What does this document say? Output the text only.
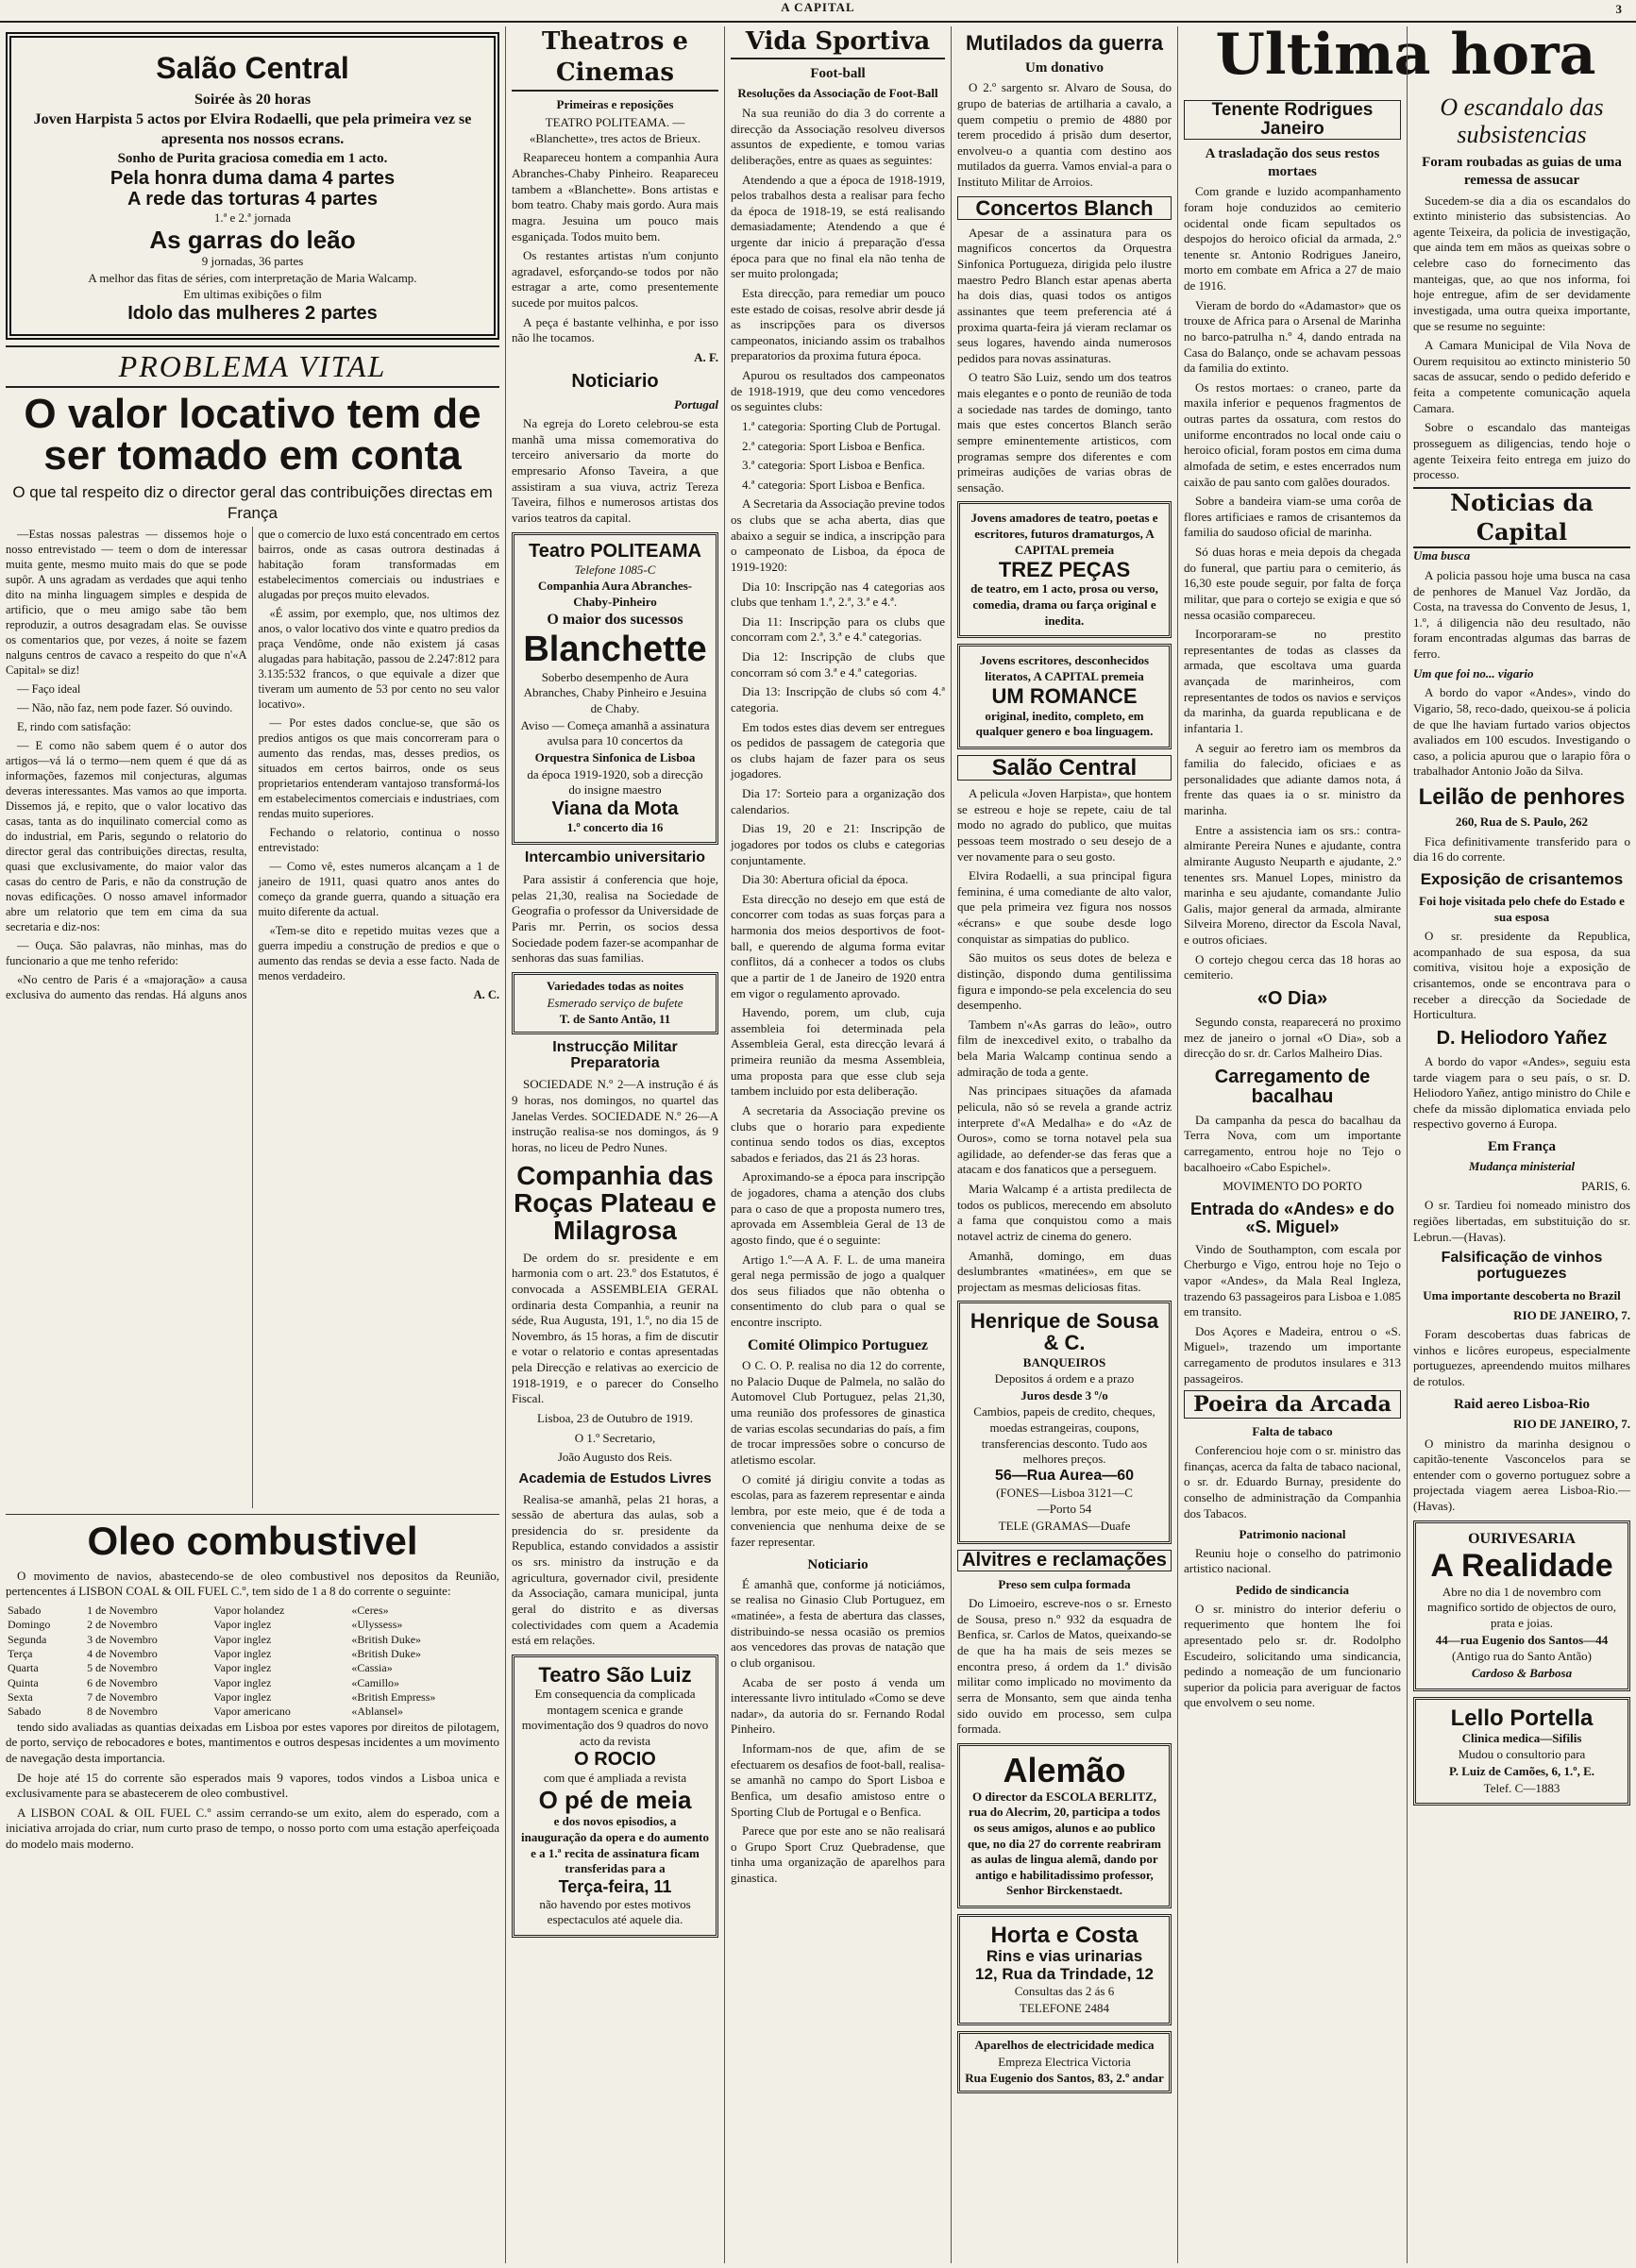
A CAPITAL	3
Salão Central

Soirée às 20 horas

Joven Harpista 5 actos por Elvira Rodaelli, que pela primeira vez se apresenta nos nossos ecrans.

Sonho de Purita graciosa comedia em 1 acto.

Pela honra duma dama 4 partes

A rede das torturas 4 partes

1.ª e 2.ª jornada

As garras do leão

9 jornadas, 36 partes

A melhor das fitas de séries, com interpretação de Maria Walcamp.

Em ultimas exibições o film

Idolo das mulheres 2 partes

PROBLEMA VITAL
O valor locativo tem de ser tomado em conta

O que tal respeito diz o director geral das contribuições directas em França

—Estas nossas palestras — dissemos hoje o nosso entrevistado — teem o dom de interessar muita gente, mesmo muito mais do que se pode supôr. A uns agradam as verdades que aqui tenho dito na minha linguagem simples e despida de artificio, que o meu amigo sabe tão bem reproduzir, a outros desagradam elas. Se ouvisse os comentarios que, por vezes, á noite se fazem nalguns centros de cavaco a respeito do que n'«A Capital» se diz!

— Faço ideal

— Não, não faz, nem pode fazer. Só ouvindo.

E, rindo com satisfação:

— E como não sabem quem é o autor dos artigos—vá lá o termo—nem quem é que dá as informações, fazemos mil conjecturas, algumas deveras interessantes. Mas vamos ao que importa. Dissemos já, e repito, que o valor locativo das casas, tanta as do inquilinato comercial como as do industrial, em Paris, segundo o relatorio do director geral das contribuições directas, resulta, quasi que exclusivamente, do maior valor das casas do centro de Paris, e não da construção de novas edificações. O nosso amavel informador abre um relatorio que tem em cima da sua secretaria e diz-nos:

— Ouça. São palavras, não minhas, mas do funcionario a que me tenho referido:

«No centro de Paris é a «majoração» a causa exclusiva do aumento das rendas. Há alguns anos que o comercio de luxo está concentrado em certos bairros, onde as casas outrora destinadas á habitação foram transformadas em estabelecimentos comerciais ou industriaes e alugadas por preços muito elevados.

«É assim, por exemplo, que, nos ultimos dez anos, o valor locativo dos vinte e quatro predios da praça Vendôme, onde não existem já casas alugadas para habitação, passou de 2.247:812 para 3.135:532 francos, o que equivale a dizer que tiveram um aumento de 53 por cento no seu valor locativo».

— Por estes dados conclue-se, que são os predios antigos os que mais concorreram para o aumento das rendas, mas, desses predios, os situados em certos bairros, onde os seus proprietarios entenderam vantajoso transformá-los em estabelecimentos comerciais e industriaes, com rendas muito superiores.

Fechando o relatorio, continua o nosso entrevistado:

— Como vê, estes numeros alcançam a 1 de janeiro de 1911, quasi quatro anos antes do começo da grande guerra, quando a situação era muito diferente da actual.

«Tem-se dito e repetido muitas vezes que a guerra impediu a construção de predios e que o aumento das rendas se devia a esse facto. Nada de menos verdadeiro.

A. C.

Oleo combustivel

O movimento de navios, abastecendo-se de oleo combustivel nos depositos da Reunião, pertencentes á LISBON COAL & OIL FUEL C.º, tem sido de 1 a 8 do corrente o seguinte:

Sabado	1 de Novembro	Vapor holandez	«Ceres»
Domingo	2 de Novembro	Vapor inglez	«Ulyssess»
Segunda	3 de Novembro	Vapor inglez	«British Duke»
Terça	4 de Novembro	Vapor inglez	«British Duke»
Quarta	5 de Novembro	Vapor inglez	«Cassia»
Quinta	6 de Novembro	Vapor inglez	«Camillo»
Sexta	7 de Novembro	Vapor inglez	«British Empress»
Sabado	8 de Novembro	Vapor americano	«Ablansel»

tendo sido avaliadas as quantias deixadas em Lisboa por estes vapores por direitos de pilotagem, de porto, serviço de rebocadores e botes, mantimentos e outros despesas incidentes a um movimento de navegação desta importancia.

De hoje até 15 do corrente são esperados mais 9 vapores, todos vindos a Lisboa unica e exclusivamente para se abastecerem de oleo combustivel.

A LISBON COAL & OIL FUEL C.º assim cerrando-se um exito, alem do esperado, com a iniciativa arrojada do criar, num curto praso de tempo, o nosso porto com uma estação aperfeiçoada do modelo mais moderno.

Theatros e Cinemas
Primeiras e reposições

TEATRO POLITEAMA. — «Blanchette», tres actos de Brieux.

Reapareceu hontem a companhia Aura Abranches-Chaby Pinheiro. Reapareceu tambem a «Blanchette». Bons artistas e bom teatro. Chaby mais gordo. Aura mais magra. Jesuina um pouco mais esganiçada. Todos muito bem.

Os restantes artistas n'um conjunto agradavel, esforçando-se todos por não estragar a arte, como presentemente sucede por muitos palcos.

A peça é bastante velhinha, e por isso não lhe tocamos.

A. F.

Noticiario

Portugal

Na egreja do Loreto celebrou-se esta manhã uma missa comemorativa do terceiro aniversario da morte do empresario Afonso Taveira, a que assistiram a sua viuva, actriz Tereza Taveira, filhos e numerosos artistas dos varios teatros da capital.

Teatro POLITEAMA

Telefone 1085-C

Companhia Aura Abranches-Chaby-Pinheiro

O maior dos sucessos

Blanchette

Soberbo desempenho de Aura Abranches, Chaby Pinheiro e Jesuina de Chaby.

Aviso — Começa amanhã a assinatura avulsa para 10 concertos da

Orquestra Sinfonica de Lisboa

da época 1919-1920, sob a direcção do insigne maestro

Viana da Mota

1.º concerto dia 16

Intercambio universitario

Para assistir á conferencia que hoje, pelas 21,30, realisa na Sociedade de Geografia o professor da Universidade de Paris mr. Perrin, os socios dessa Sociedade podem fazer-se acompanhar de senhoras das suas familias.

Variedades todas as noites

Esmerado serviço de bufete

T. de Santo Antão, 11

Instrucção Militar Preparatoria

SOCIEDADE N.º 2—A instrução é ás 9 horas, nos domingos, no quartel das Janelas Verdes. SOCIEDADE N.º 26—A instrução realisa-se nos domingos, ás 9 horas, no liceu de Pedro Nunes.

Companhia das Roças Plateau e Milagrosa

De ordem do sr. presidente e em harmonia com o art. 23.º dos Estatutos, é convocada a ASSEMBLEIA GERAL ordinaria desta Companhia, a reunir na séde, Rua Augusta, 191, 1.º, no dia 15 de Novembro, ás 15 horas, a fim de discutir e votar o relatorio e contas apresentadas pela Direcção e relativas ao exercicio de 1918-1919, e o parecer do Conselho Fiscal.

Lisboa, 23 de Outubro de 1919.

O 1.º Secretario,

João Augusto dos Reis.

Academia de Estudos Livres

Realisa-se amanhã, pelas 21 horas, a sessão de abertura das aulas, sob a presidencia do sr. presidente da Republica, estando convidados a assistir os srs. ministro da instrução e da agricultura, governador civil, presidente da Associação, camara municipal, junta geral do distrito e as diversas colectividades com quem a Academia está em relações.

Teatro São Luiz

Em consequencia da complicada montagem scenica e grande movimentação dos 9 quadros do novo acto da revista

O ROCIO

com que é ampliada a revista

O pé de meia

e dos novos episodios, a inauguração da opera e do aumento e a 1.ª recita de assinatura ficam transferidas para a

Terça-feira, 11

não havendo por estes motivos espectaculos até aquele dia.

Vida Sportiva
Foot-ball

Resoluções da Associação de Foot-Ball

Na sua reunião do dia 3 do corrente a direcção da Associação resolveu diversos assuntos de expediente, e tomou varias deliberações, entre as quaes as seguintes:

Atendendo a que a época de 1918-1919, pelos trabalhos desta a realisar para fecho da época de 1918-19, se está realisando demasiadamente; Atendendo a que é urgente dar inicio á preparação d'essa época para que no final ela não tenha de ser muito prolongada;

Esta direcção, para remediar um pouco este estado de coisas, resolve abrir desde já as inscripções para os diversos campeonatos, iniciando assim os trabalhos preparatorios da proxima futura época.

Apurou os resultados dos campeonatos de 1918-1919, que deu como vencedores os seguintes clubs:

1.ª categoria: Sporting Club de Portugal.

2.ª categoria: Sport Lisboa e Benfica.

3.ª categoria: Sport Lisboa e Benfica.

4.ª categoria: Sport Lisboa e Benfica.

A Secretaria da Associação previne todos os clubs que se acha aberta, dias que abaixo a seguir se indica, a inscripção para o campeonato de Lisboa, da época de 1919-1920:

Dia 10: Inscripção nas 4 categorias aos clubs que tenham 1.ª, 2.ª, 3.ª e 4.ª.

Dia 11: Inscripção para os clubs que concorram com 2.ª, 3.ª e 4.ª categorias.

Dia 12: Inscripção de clubs que concorram só com 3.ª e 4.ª categorias.

Dia 13: Inscripção de clubs só com 4.ª categoria.

Em todos estes dias devem ser entregues os pedidos de passagem de categoria que os clubs hajam de fazer para os seus jogadores.

Dia 17: Sorteio para a organização dos calendarios.

Dias 19, 20 e 21: Inscripção de jogadores por todos os clubs e categorias conjuntamente.

Dia 30: Abertura oficial da época.

Esta direcção no desejo em que está de concorrer com todas as suas forças para a harmonia dos meios desportivos de foot-ball, e querendo de alguma forma evitar conflitos, dá a conhecer a todos os clubs que a partir de 1 de Janeiro de 1920 entra em vigor o regulamento aprovado.

Havendo, porem, um club, cuja assembleia foi determinada pela Assembleia Geral, esta direcção levará á primeira reunião da mesma Assembleia, uma proposta para que esse club seja tambem incluido por esta deliberação.

A secretaria da Associação previne os clubs que o horario para expediente continua sendo todos os dias, exceptos sabados e feriados, das 21 ás 23 horas.

Aproximando-se a época para inscripção de jogadores, chama a atenção dos clubs para o caso de que a proposta numero tres, aprovada em Assembleia Geral de 13 de agosto findo, que é o seguinte:

Artigo 1.º—A A. F. L. de uma maneira geral nega permissão de jogo a qualquer dos seus filiados que não obtenha o consentimento do club para o qual se encontre inscripto.

Comité Olimpico Portuguez

O C. O. P. realisa no dia 12 do corrente, no Palacio Duque de Palmela, no salão do Automovel Club Portuguez, pelas 21,30, uma reunião dos professores de ginastica de varias escolas secundarias do país, a fim de trocar impressões sobre o concurso de atletismo escolar.

O comité já dirigiu convite a todas as escolas, para as fazerem representar e ainda lembra, por este meio, que é de toda a conveniencia que nenhuma deixe de se fazer representar.

Noticiario

É amanhã que, conforme já noticiámos, se realisa no Ginasio Club Portuguez, em «matinée», a festa de abertura das classes, distribuindo-se nessa ocasião os premios aos vencedores das provas de natação que o club organisou.

Acaba de ser posto á venda um interessante livro intitulado «Como se deve nadar», da autoria do sr. Fernando Rodal Pinheiro.

Informam-nos de que, afim de se efectuarem os desafios de foot-ball, realisa-se amanhã no campo do Sport Lisboa e Benfica, um desafio amistoso entre o Sporting Club de Portugal e o Benfica.

Parece que por este ano se não realisará o Grupo Sport Cruz Quebradense, que tinha uma organização de aparelhos para ginastica.

Mutilados da guerra
Um donativo

O 2.º sargento sr. Alvaro de Sousa, do grupo de baterias de artilharia a cavalo, a quem competiu o premio de 4880 por terem procedido á prisão dum desertor, envolveu-o a quantia com destino aos mutilados da guerra. Vamos envial-a para o Instituto Militar de Arroios.

Concertos Blanch

Apesar de a assinatura para os magnificos concertos da Orquestra Sinfonica Portugueza, dirigida pelo ilustre maestro Pedro Blanch estar apenas aberta ha dois dias, quasi todos os antigos assinantes que teem preferencia até á proxima quarta-feira já vieram reclamar os seus logares, havendo ainda numerosos pedidos para novas assinaturas.

O teatro São Luiz, sendo um dos teatros mais elegantes e o ponto de reunião de toda a sociedade nas tardes de domingo, tanto mais que estes concertos Blanch serão sempre eminentemente artisticos, com programas sempre dos diferentes e com primeiras audições de varias obras de sensação.

Jovens amadores de teatro, poetas e escritores, futuros dramaturgos, A CAPITAL premeia

TREZ PEÇAS

de teatro, em 1 acto, prosa ou verso, comedia, drama ou farça original e inedita.

Jovens escritores, desconhecidos literatos, A CAPITAL premeia

UM ROMANCE

original, inedito, completo, em qualquer genero e boa linguagem.

Salão Central

A pelicula «Joven Harpista», que hontem se estreou e hoje se repete, caiu de tal modo no agrado do publico, que muitas pessoas teem mostrado o seu desejo de a ver novamente para o seu gosto.

Elvira Rodaelli, a sua principal figura feminina, é uma comediante de alto valor, que pela primeira vez figura nos nossos «écrans» e que soube desde logo conquistar as simpatias do publico.

São muitos os seus dotes de beleza e distinção, dispondo duma gentilissima figura e impondo-se pela excelencia do seu desempenho.

Tambem n'«As garras do leão», outro film de inexcedivel exito, o trabalho da bela Maria Walcamp continua sendo a admiração de toda a gente.

Nas principaes situações da afamada pelicula, não só se revela a grande actriz interprete d'«A Medalha» e do «Az de Ouros», como se torna notavel pela sua agilidade, ao defender-se das feras que a atacam e dos fanaticos que a perseguem.

Maria Walcamp é a artista predilecta de todos os publicos, merecendo em absoluto a fama que conquistou como a mais notavel actriz de cinema do genero.

Amanhã, domingo, em duas deslumbrantes «matinées», em que se projectam as mesmas deliciosas fitas.

Henrique de Sousa & C.

BANQUEIROS

Depositos á ordem e a prazo

Juros desde 3 º/o

Cambios, papeis de credito, cheques, moedas estrangeiras, coupons, transferencias desconto. Tudo aos melhores preços.

56—Rua Aurea—60

(FONES—Lisboa 3121—C

—Porto 54

TELE (GRAMAS—Duafe

Alvitres e reclamações

Preso sem culpa formada

Do Limoeiro, escreve-nos o sr. Ernesto de Sousa, preso n.º 932 da esquadra de Benfica, sr. Carlos de Matos, queixando-se de que ha ha mais de seis mezes se encontra preso, á ordem da 1.ª divisão militar como implicado no movimento da serra de Monsanto, sem que ainda tenha sido ouvido em processo, sem culpa formada.

Alemão

O director da ESCOLA BERLITZ, rua do Alecrim, 20, participa a todos os seus amigos, alunos e ao publico que, no dia 27 do corrente reabriram as aulas de lingua alemã, dando por antigo e habilitadissimo professor, Senhor Birckenstaedt.

Horta e Costa

Rins e vias urinarias

12, Rua da Trindade, 12

Consultas das 2 ás 6

TELEFONE 2484

Aparelhos de electricidade medica

Empreza Electrica Victoria

Rua Eugenio dos Santos, 83, 2.º andar

Ultima hora
Tenente Rodrigues Janeiro
A trasladação dos seus restos mortaes

Com grande e luzido acompanhamento foram hoje conduzidos ao cemiterio ocidental onde ficam sepultados os despojos do heroico oficial da armada, 2.º tenente sr. Antonio Rodrigues Janeiro, morto em combate em Africa a 27 de maio de 1916.

Vieram de bordo do «Adamastor» que os trouxe de Africa para o Arsenal de Marinha no barco-patrulha n.º 4, dando entrada na Casa do Balanço, onde se achavam pessoas da familia do extinto.

Os restos mortaes: o craneo, parte da maxila inferior e pequenos fragmentos de outras partes da ossatura, com restos do uniforme encontrados no local onde caiu o heroico oficial, foram postos em cima duma almofada de setim, e estes encerrados num caixão de pau santo com galões dourados.

Sobre a bandeira viam-se uma corôa de flores artificiaes e ramos de crisantemos da familia do saudoso oficial de marinha.

Só duas horas e meia depois da chegada do funeral, que partiu para o cemiterio, ás 16,30 este poude seguir, por falta de força militar, que para o cortejo se exigia e que só nessa ocasião compareceu.

Incorporaram-se no prestito representantes de todas as classes da armada, que escoltava uma guarda avançada de marinheiros, com representantes de todos os navios e serviços da marinha, da guarda republicana e de infantaria 1.

A seguir ao feretro iam os membros da familia do falecido, oficiaes e as personalidades que adiante damos nota, á frente das quaes ia o sr. ministro da marinha.

Entre a assistencia iam os srs.: contra-almirante Pereira Nunes e ajudante, contra almirante Augusto Neuparth e ajudante, 2.º tenentes srs. Manuel Lopes, ministro da marinha e seu ajudante, comandante Julio Galis, major general da armada, almirante Silveira Moreno, director da Escola Naval, e outros oficiaes.

O cortejo chegou cerca das 18 horas ao cemiterio.

«O Dia»

Segundo consta, reaparecerá no proximo mez de janeiro o jornal «O Dia», sob a direcção do sr. dr. Carlos Malheiro Dias.

Carregamento de bacalhau

Da campanha da pesca do bacalhau da Terra Nova, com um importante carregamento, entrou hoje no Tejo o bacalhoeiro «Cabo Espichel».

MOVIMENTO DO PORTO

Entrada do «Andes» e do «S. Miguel»

Vindo de Southampton, com escala por Cherburgo e Vigo, entrou hoje no Tejo o vapor «Andes», da Mala Real Ingleza, trazendo 63 passageiros para Lisboa e 1.085 em transito.

Dos Açores e Madeira, entrou o «S. Miguel», trazendo um importante carregamento de produtos insulares e 313 passageiros.

Poeira da Arcada
Falta de tabaco

Conferenciou hoje com o sr. ministro das finanças, acerca da falta de tabaco nacional, o sr. dr. Eduardo Burnay, presidente do conselho de administração da Companhia dos Tabacos.

Patrimonio nacional

Reuniu hoje o conselho do patrimonio artistico nacional.

Pedido de sindicancia

O sr. ministro do interior deferiu o requerimento que hontem lhe foi apresentado pelo sr. dr. Rodolpho Escudeiro, solicitando uma sindicancia, pedindo a nomeação de um funcionario superior da policia para averiguar de factos que envolvem o seu nome.

O escandalo das subsistencias
Foram roubadas as guias de uma remessa de assucar

Sucedem-se dia a dia os escandalos do extinto ministerio das subsistencias. Ao agente Teixeira, da policia de investigação, que ainda tem em mãos as queixas sobre o celebre caso do fornecimento das manteigas, que, ao que nos informa, foi hoje entregue, afim de ser devidamente investigada, uma outra queixa importante, que se resume no seguinte:

A Camara Municipal de Vila Nova de Ourem requisitou ao extincto ministerio 50 sacas de assucar, sendo o pedido deferido e feita a competente comunicação aquela Camara.

Sobre o escandalo das manteigas prosseguem as diligencias, tendo hoje o agente Teixeira feito entrega em juizo do processo.

Noticias da Capital

Uma busca

A policia passou hoje uma busca na casa de penhores de Manuel Vaz Jordão, da Costa, na travessa do Convento de Jesus, 1, 1.º, á diligencia não deu resultado, não foram encontradas algumas das barras de ferro.

Um que foi no... vigario

A bordo do vapor «Andes», vindo do Vigario, 58, reco-dado, queixou-se á policia de que lhe haviam furtado varios objectos avaliados em 100 escudos. Investigando o caso, a policia apurou que o larapio fôra o trabalhador Antonio João da Silva.

Leilão de penhores

260, Rua de S. Paulo, 262

Fica definitivamente transferido para o dia 16 do corrente.

Exposição de crisantemos

Foi hoje visitada pelo chefe do Estado e sua esposa

O sr. presidente da Republica, acompanhado de sua esposa, da sua comitiva, visitou hoje a exposição de crisantemos, onde se encontrava para o receber a direcção da Sociedade de Horticultura.

D. Heliodoro Yañez

A bordo do vapor «Andes», seguiu esta tarde viagem para o seu país, o sr. D. Heliodoro Yañez, antigo ministro do Chile e chefe da missão diplomatica enviada pelo respectivo governo á Europa.

Em França

Mudança ministerial

PARIS, 6.

O sr. Tardieu foi nomeado ministro dos regiões libertadas, em substituição do sr. Lebrun.—(Havas).

Falsificação de vinhos portuguezes

Uma importante descoberta no Brazil

RIO DE JANEIRO, 7.

Foram descobertas duas fabricas de vinhos e licôres europeus, especialmente portuguezes, apreendendo muitos milhares de rotulos.

Raid aereo Lisboa-Rio

RIO DE JANEIRO, 7.

O ministro da marinha designou o capitão-tenente Vasconcelos para se entender com o governo portuguez sobre a projectada viagem aerea Lisboa-Rio.—(Havas).

OURIVESARIA

A Realidade

Abre no dia 1 de novembro com magnifico sortido de objectos de ouro, prata e joias.

44—rua Eugenio dos Santos—44

(Antigo rua do Santo Antão)

Cardoso & Barbosa

Lello Portella

Clinica medica—Sifilis

Mudou o consultorio para

P. Luiz de Camões, 6, 1.º, E.

Telef. C—1883
